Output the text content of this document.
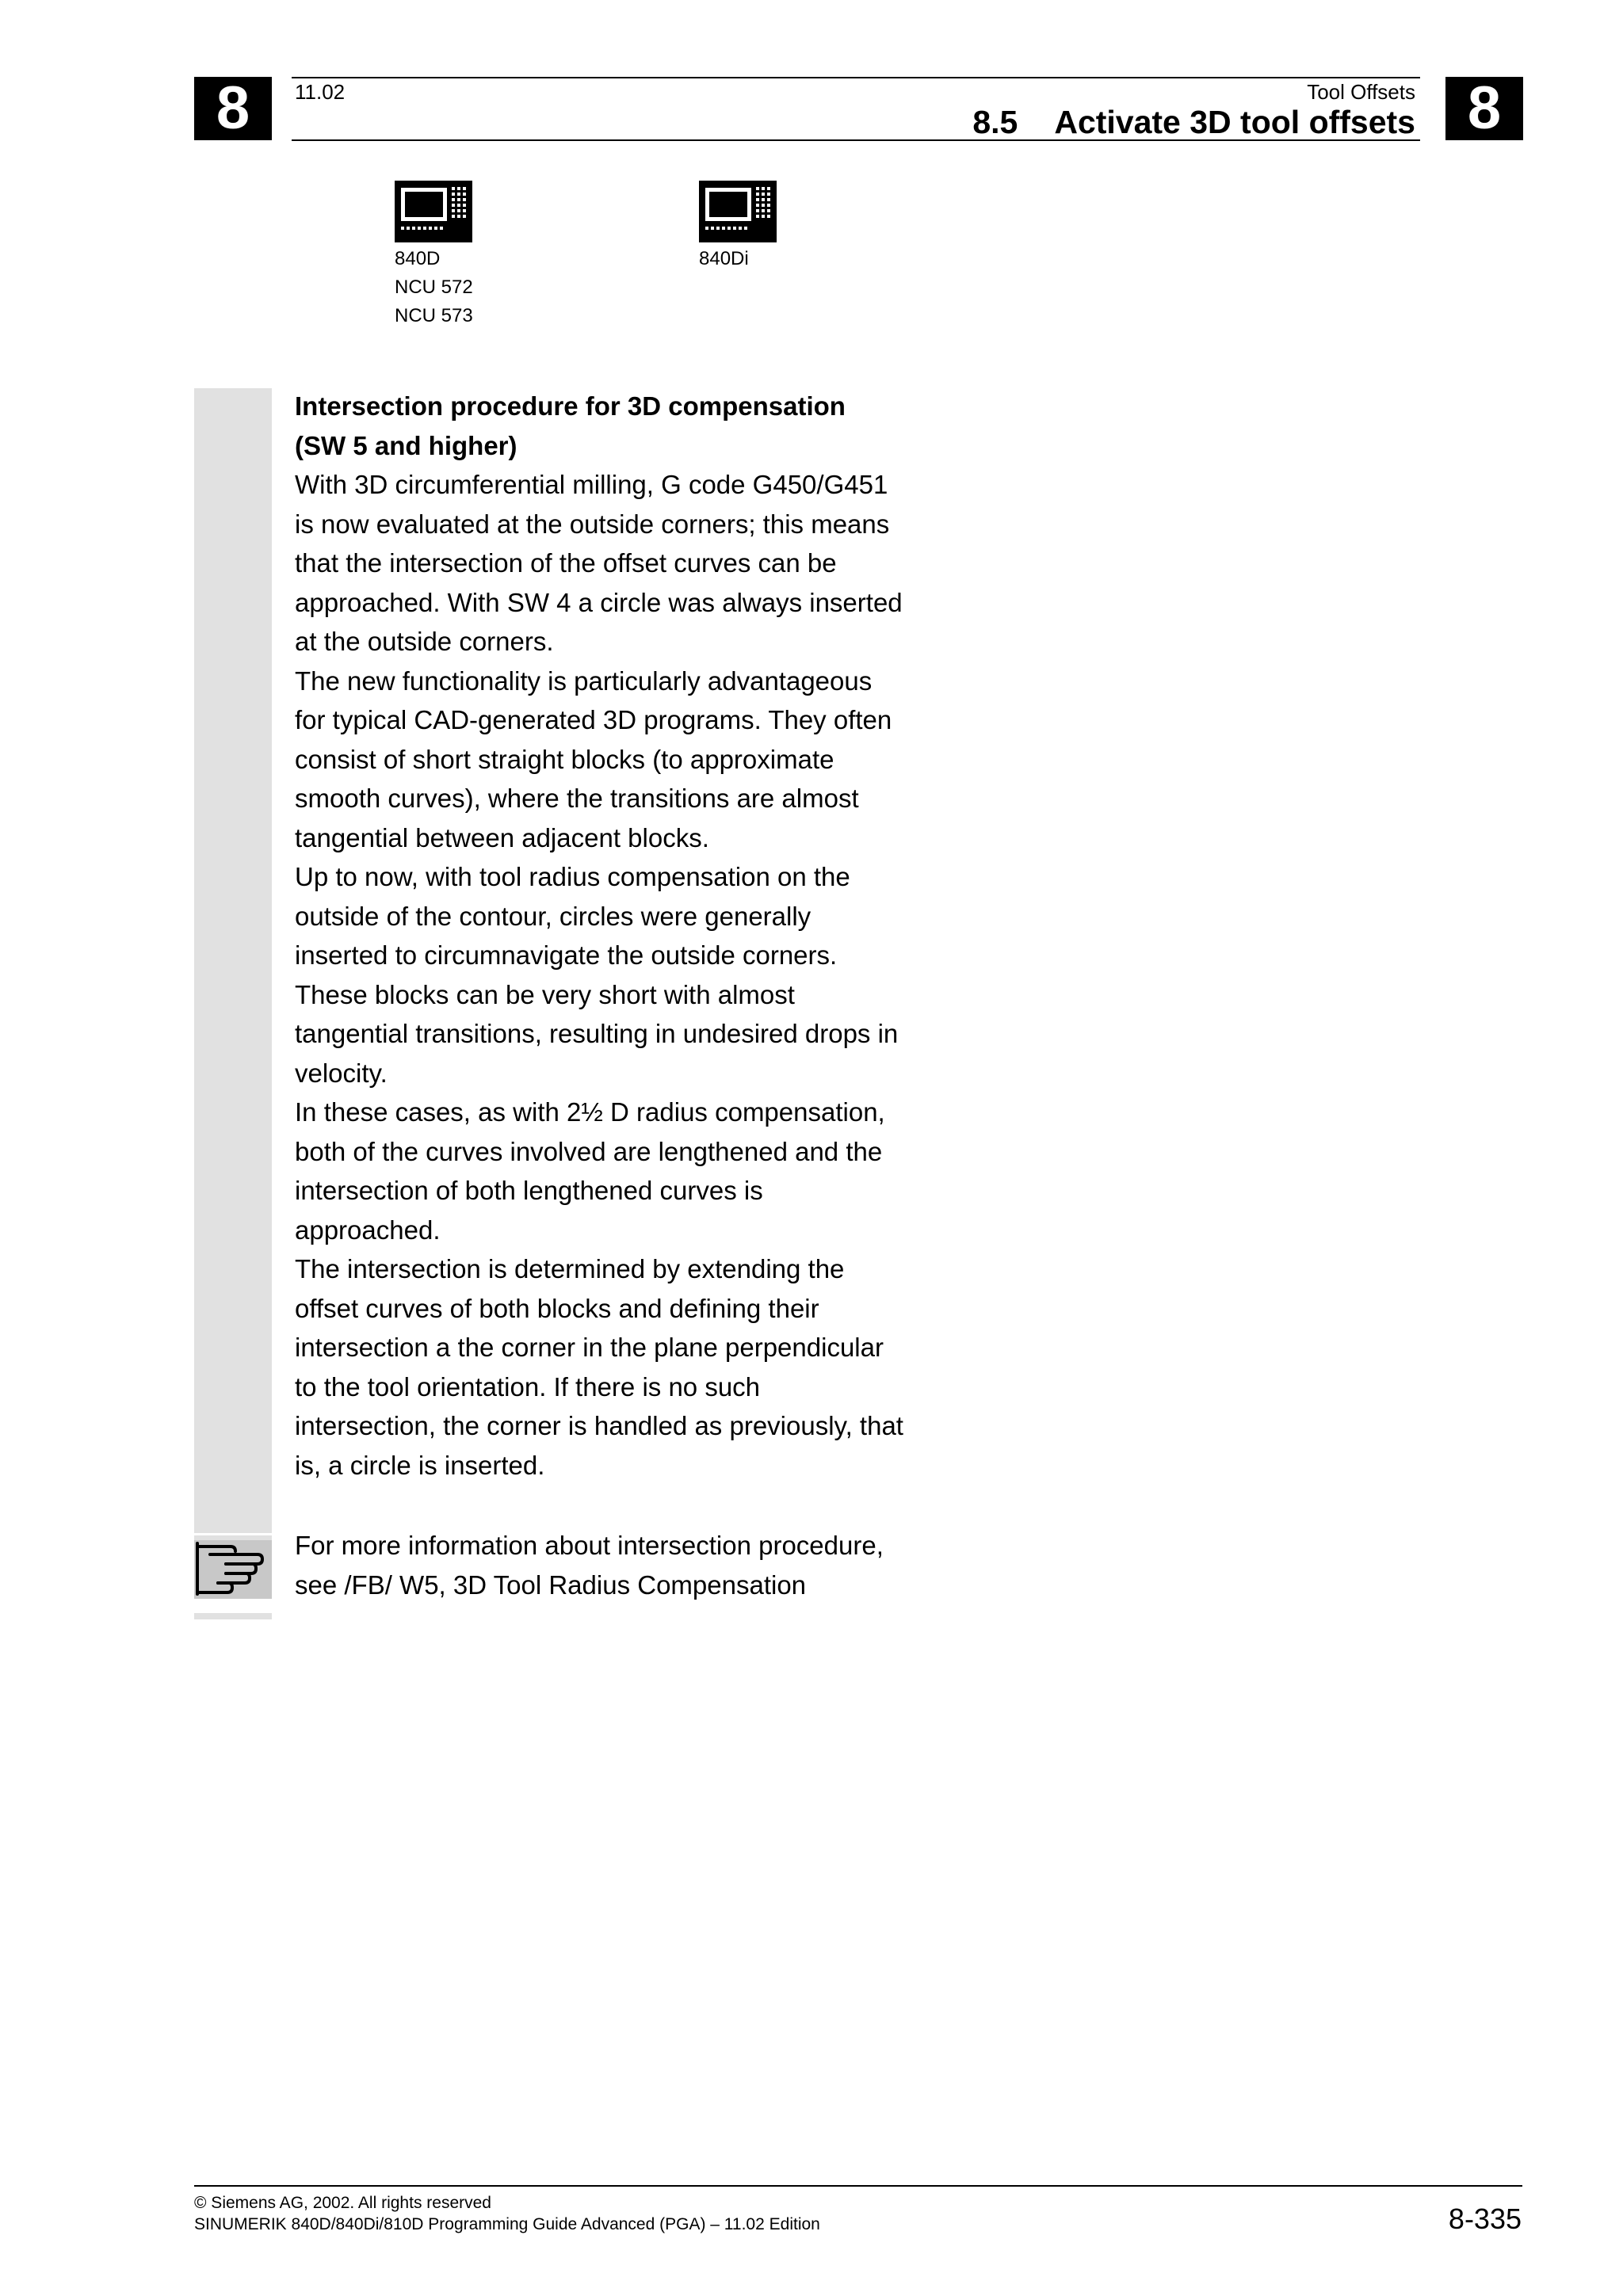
8	8
11.02	Tool Offsets
8.5 Activate 3D tool offsets
840D
NCU 572
NCU 573
840Di

Intersection procedure for 3D compensation

(SW 5 and higher)

With 3D circumferential milling, G code G450/G451

is now evaluated at the outside corners; this means

that the intersection of the offset curves can be

approached. With SW 4 a circle was always inserted

at the outside corners.

The new functionality is particularly advantageous

for typical CAD-generated 3D programs. They often

consist of short straight blocks (to approximate

smooth curves), where the transitions are almost

tangential between adjacent blocks.

Up to now, with tool radius compensation on the

outside of the contour, circles were generally

inserted to circumnavigate the outside corners.

These blocks can be very short with almost

tangential transitions, resulting in undesired drops in

velocity.

In these cases, as with 2½ D radius compensation,

both of the curves involved are lengthened and the

intersection of both lengthened curves is

approached.

The intersection is determined by extending the

offset curves of both blocks and defining their

intersection a the corner in the plane perpendicular

to the tool orientation. If there is no such

intersection, the corner is handled as previously, that

is, a circle is inserted.

For more information about intersection procedure,

see /FB/ W5, 3D Tool Radius Compensation

© Siemens AG, 2002. All rights reserved
SINUMERIK 840D/840Di/810D Programming Guide Advanced (PGA) – 11.02 Edition	8-335
